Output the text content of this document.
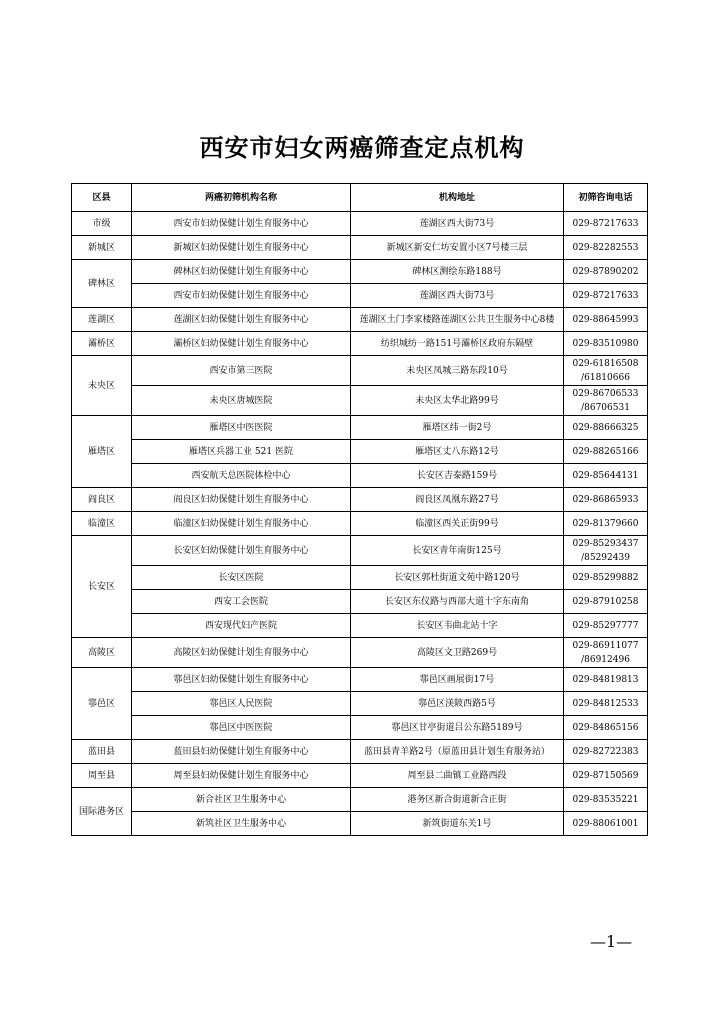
西安市妇女两癌筛查定点机构
区县	两癌初筛机构名称	机构地址	初筛咨询电话
市级	西安市妇幼保健计划生育服务中心	莲湖区西大街73号	029-87217633

新城区	新城区妇幼保健计划生育服务中心	新城区新安仁坊安置小区7号楼三层	029-82282553

碑林区	碑林区妇幼保健计划生育服务中心	碑林区测绘东路188号	029-87890202

	西安市妇幼保健计划生育服务中心	莲湖区西大街73号	029-87217633

莲湖区	莲湖区妇幼保健计划生育服务中心	莲湖区土门李家楼路莲湖区公共卫生服务中心8楼	029-88645993

灞桥区	灞桥区妇幼保健计划生育服务中心	纺织城纺一路151号灞桥区政府东隔壁	029-83510980

未央区	西安市第三医院	未央区凤城三路东段10号	029-61816508
/61810666

	未央区唐城医院	未央区太华北路99号	029-86706533
/86706531

雁塔区	雁塔区中医医院	雁塔区纬一街2号	029-88666325

	雁塔区兵器工业 521 医院	雁塔区丈八东路12号	029-88265166

	西安航天总医院体检中心	长安区吉泰路159号	029-85644131

阎良区	阎良区妇幼保健计划生育服务中心	阎良区凤凰东路27号	029-86865933

临潼区	临潼区妇幼保健计划生育服务中心	临潼区西关正街99号	029-81379660

长安区	长安区妇幼保健计划生育服务中心	长安区青年南街125号	029-85293437
/85292439

	长安区医院	长安区郭杜街道文苑中路120号	029-85299882

	西安工会医院	长安区东仪路与西部大道十字东南角	029-87910258

	西安现代妇产医院	长安区韦曲北站十字	029-85297777

高陵区	高陵区妇幼保健计划生育服务中心	高陵区文卫路269号	029-86911077
/86912496

鄠邑区	鄠邑区妇幼保健计划生育服务中心	鄠邑区画展街17号	029-84819813

	鄠邑区人民医院	鄠邑区渼陂西路5号	029-84812533

	鄠邑区中医医院	鄠邑区甘亭街道吕公东路5189号	029-84865156

蓝田县	蓝田县妇幼保健计划生育服务中心	蓝田县青羊路2号（原蓝田县计划生育服务站）	029-82722383

周至县	周至县妇幼保健计划生育服务中心	周至县二曲镇工业路西段	029-87150569

国际港务区	新合社区卫生服务中心	港务区新合街道新合正街	029-83535221

	新筑社区卫生服务中心	新筑街道东关1号	029-88061001
—1—
